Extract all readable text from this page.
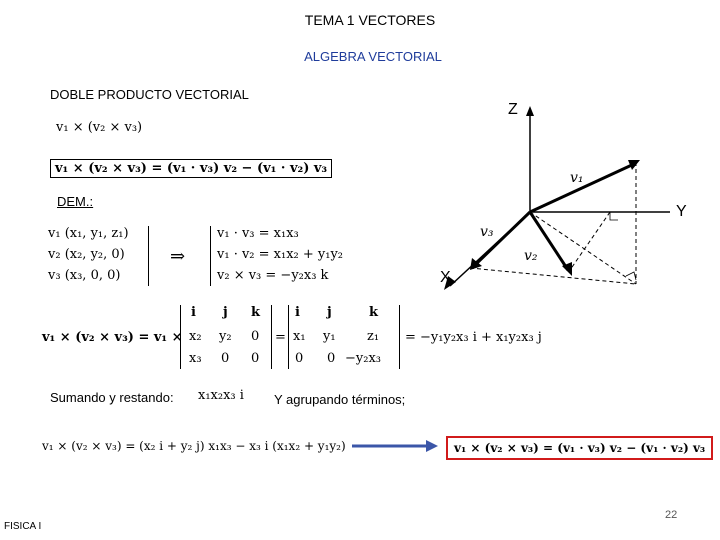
TEMA 1 VECTORES
ALGEBRA VECTORIAL
DOBLE PRODUCTO VECTORIAL
v₁ × (v₂ × v₃)
v₁ × (v₂ × v₃) = (v₁ · v₃) v₂ − (v₁ · v₂) v₃
DEM.:
v₁ (x₁, y₁, z₁)
v₂ (x₂, y₂, 0)
v₃ (x₃, 0, 0)
⇒
v₁ · v₃ = x₁x₃
v₁ · v₂ = x₁x₂ + y₁y₂
v₂ × v₃ = −y₂x₃ k
v₁ × (v₂ × v₃) = v₁ ×
i j k
x₂ y₂ 0
x₃ 0 0
=
i j	k
x₁ y₁ z₁
0 0 −y₂x₃
= −y₁y₂x₃ i + x₁y₂x₃ j
Sumando y restando: x₁x₂x₃ i Y agrupando términos;
v₁ × (v₂ × v₃) = (x₂ i + y₂ j) x₁x₃ − x₃ i (x₁x₂ + y₁y₂)	v₁ × (v₂ × v₃) = (v₁ · v₃) v₂ − (v₁ · v₂) v₃
Z
Y
X
v₁
v₂
v₃
FISICA I
22
